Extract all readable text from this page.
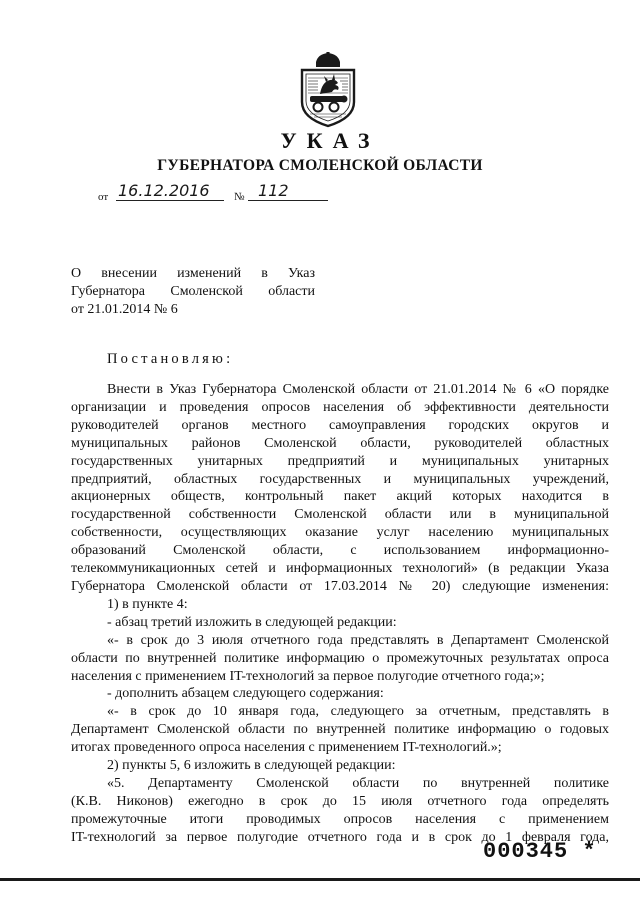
УКАЗ
ГУБЕРНАТОРА СМОЛЕНСКОЙ ОБЛАСТИ
от 16.12.2016	№ 112
О внесении изменений в Указ
Губернатора Смоленской области
от 21.01.2014 № 6
Постановляю:
Внести в Указ Губернатора Смоленской области от 21.01.2014 № 6 «О порядке
организации и проведения опросов населения об эффективности деятельности
руководителей органов местного самоуправления городских округов и
муниципальных районов Смоленской области, руководителей областных
государственных унитарных предприятий и муниципальных унитарных
предприятий, областных государственных и муниципальных учреждений,
акционерных обществ, контрольный пакет акций которых находится в
государственной собственности Смоленской области или в муниципальной
собственности, осуществляющих оказание услуг населению муниципальных
образований Смоленской области, с использованием информационно-
телекоммуникационных сетей и информационных технологий» (в редакции Указа
Губернатора Смоленской области от 17.03.2014 № 20) следующие изменения:
1) в пункте 4:
- абзац третий изложить в следующей редакции:
«- в срок до 3 июля отчетного года представлять в Департамент Смоленской
области по внутренней политике информацию о промежуточных результатах опроса
населения с применением IT-технологий за первое полугодие отчетного года;»;
- дополнить абзацем следующего содержания:
«- в срок до 10 января года, следующего за отчетным, представлять в
Департамент Смоленской области по внутренней политике информацию о годовых
итогах проведенного опроса населения с применением IT-технологий.»;
2) пункты 5, 6 изложить в следующей редакции:
«5. Департаменту Смоленской области по внутренней политике
(К.В. Никонов) ежегодно в срок до 15 июля отчетного года определять
промежуточные итоги проводимых опросов населения с применением
IT-технологий за первое полугодие отчетного года и в срок до 1 февраля года,
000345 *
